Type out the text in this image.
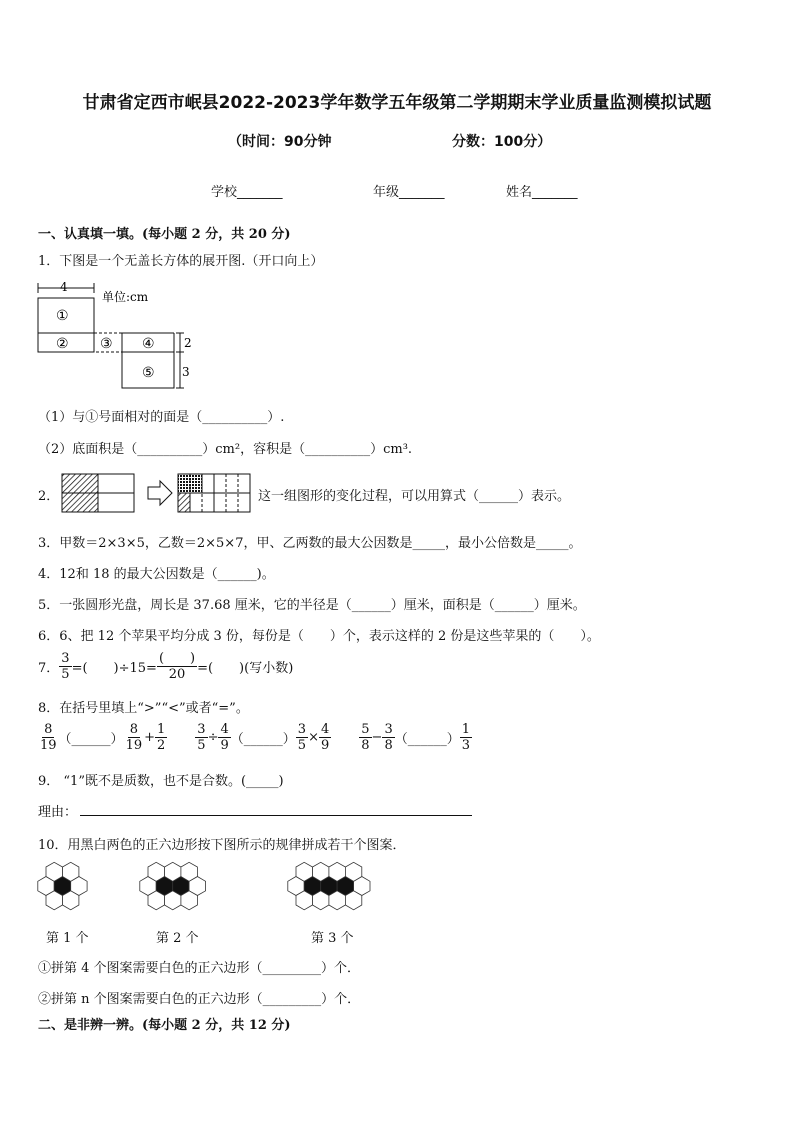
甘肃省定西市岷县2022-2023学年数学五年级第二学期期末学业质量监测模拟试题
（时间：90分钟	分数：100分）
学校_______	年级_______	姓名_______
一、认真填一填。(每小题 2 分，共 20 分)
1．下图是一个无盖长方体的展开图.（开口向上）
4
单位:cm
①
② ③ ④
⑤
2
3
（1）与①号面相对的面是（__________）.
（2）底面积是（__________）cm²，容积是（__________）cm³.
2．	这一组图形的变化过程，可以用算式（______）表示。
3．甲数＝2×3×5，乙数＝2×5×7，甲、乙两数的最大公因数是_____，最小公倍数是_____。
4．12和 18 的最大公因数是（______)。
5．一张圆形光盘，周长是 37.68 厘米，它的半径是（______）厘米，面积是（______）厘米。
6．6、把 12 个苹果平均分成 3 份，每份是（　　）个，表示这样的 2 份是这些苹果的（　　）。
7． $\frac{3}{5}$ =(　　)$\div 15= \frac{( )}{20}$ =(　　)(写小数)
8．在括号里填上“>”“<”或者“=”。
$\frac{8}{19}$ （______） $\frac{8}{19} + \frac{1}{2} \frac{3}{5} \div \frac{4}{9}$ （______） $\frac{3}{5} \times \frac{4}{9} \frac{5}{8} - \frac{3}{8}$ （______） $\frac{1}{3}$
9． “1”既不是质数，也不是合数。(_____)
理由：
10．用黑白两色的正六边形按下图所示的规律拼成若干个图案．
第 1 个	第 2 个	第 3 个
①拼第 4 个图案需要白色的正六边形（_________）个．
②拼第 n 个图案需要白色的正六边形（_________）个．
二、是非辨一辨。(每小题 2 分，共 12 分)
